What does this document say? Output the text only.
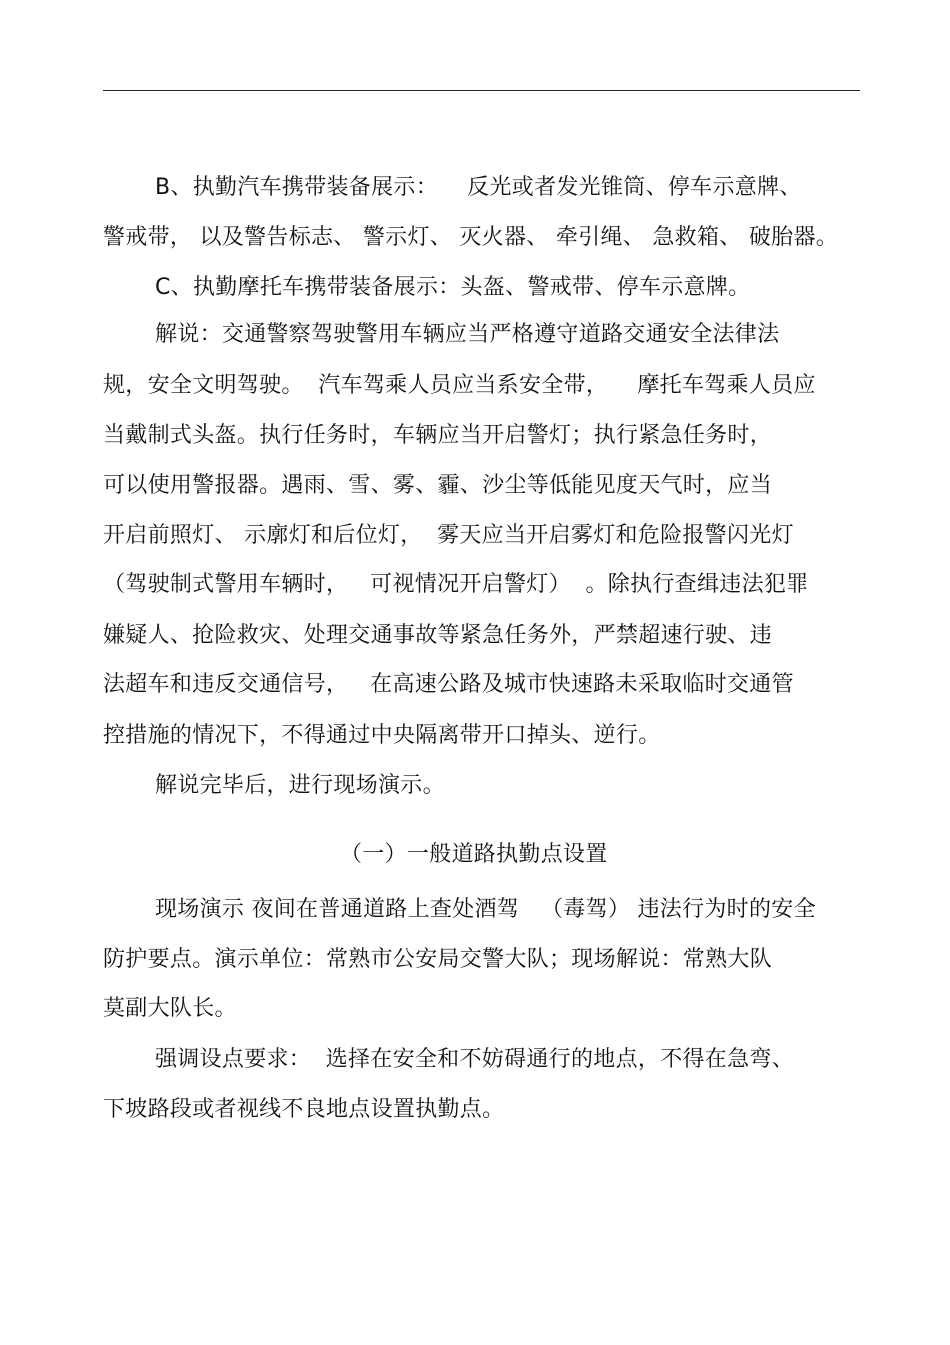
B、执勤汽车携带装备展示：    反光或者发光锥筒、停车示意牌、
警戒带， 以及警告标志、 警示灯、 灭火器、 牵引绳、 急救箱、 破胎器。
C、执勤摩托车携带装备展示：头盔、警戒带、停车示意牌。
解说：交通警察驾驶警用车辆应当严格遵守道路交通安全法律法
规，安全文明驾驶。  汽车驾乘人员应当系安全带，    摩托车驾乘人员应
当戴制式头盔。执行任务时，车辆应当开启警灯；执行紧急任务时，
可以使用警报器。遇雨、雪、雾、霾、沙尘等低能见度天气时，应当
开启前照灯、 示廓灯和后位灯，  雾天应当开启雾灯和危险报警闪光灯
（驾驶制式警用车辆时，   可视情况开启警灯）  。除执行查缉违法犯罪
嫌疑人、抢险救灾、处理交通事故等紧急任务外，严禁超速行驶、违
法超车和违反交通信号，   在高速公路及城市快速路未采取临时交通管
控措施的情况下，不得通过中央隔离带开口掉头、逆行。
解说完毕后，进行现场演示。
（一）一般道路执勤点设置
现场演示 夜间在普通道路上查处酒驾   （毒驾） 违法行为时的安全
防护要点。演示单位：常熟市公安局交警大队；现场解说：常熟大队
莫副大队长。
强调设点要求：  选择在安全和不妨碍通行的地点，不得在急弯、
下坡路段或者视线不良地点设置执勤点。
